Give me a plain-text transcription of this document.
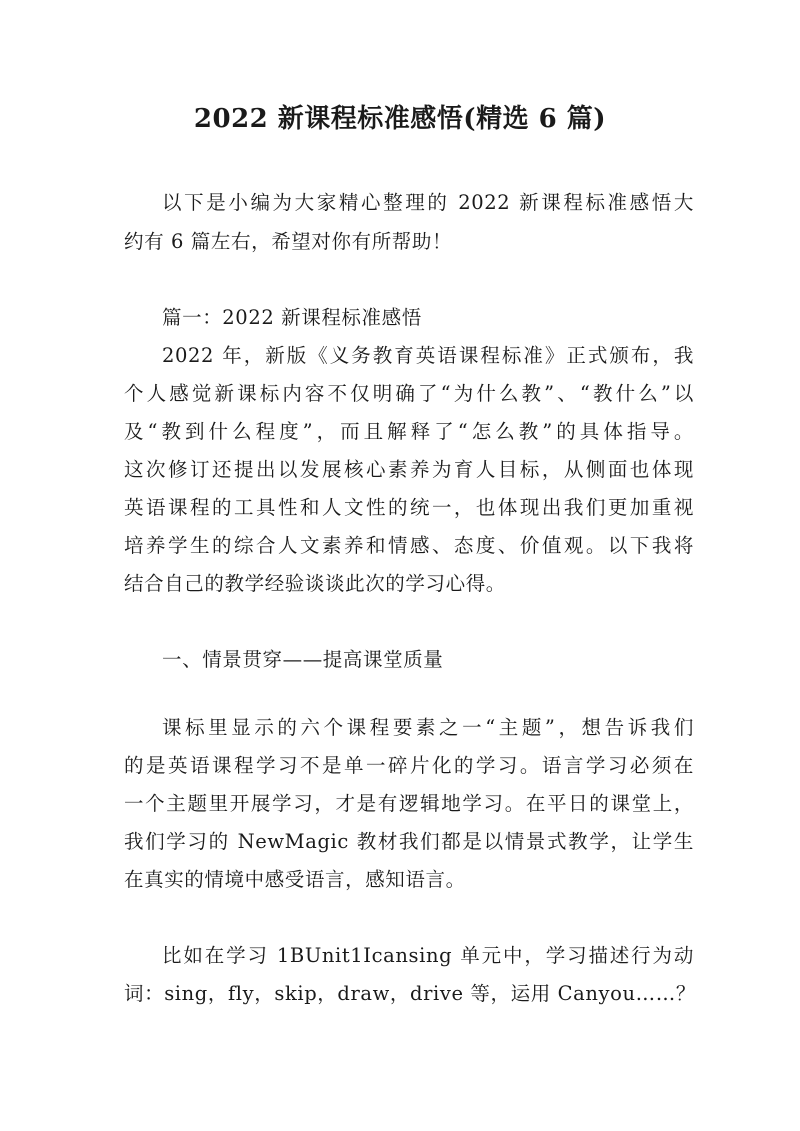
2022 新课程标准感悟(精选 6 篇)
以下是小编为大家精心整理的 2022 新课程标准感悟大
约有 6 篇左右，希望对你有所帮助！
篇一：2022 新课程标准感悟
2022 年，新版《义务教育英语课程标准》正式颁布，我
个人感觉新课标内容不仅明确了“为什么教”、“教什么”以
及“教到什么程度”，而且解释了“怎么教”的具体指导。
这次修订还提出以发展核心素养为育人目标，从侧面也体现
英语课程的工具性和人文性的统一，也体现出我们更加重视
培养学生的综合人文素养和情感、态度、价值观。以下我将
结合自己的教学经验谈谈此次的学习心得。
一、情景贯穿——提高课堂质量
课标里显示的六个课程要素之一“主题”，想告诉我们
的是英语课程学习不是单一碎片化的学习。语言学习必须在
一个主题里开展学习，才是有逻辑地学习。在平日的课堂上，
我们学习的 NewMagic 教材我们都是以情景式教学，让学生
在真实的情境中感受语言，感知语言。
比如在学习 1BUnit1Icansing 单元中，学习描述行为动
词：sing，fly，skip，draw，drive 等，运用 Canyou……？
